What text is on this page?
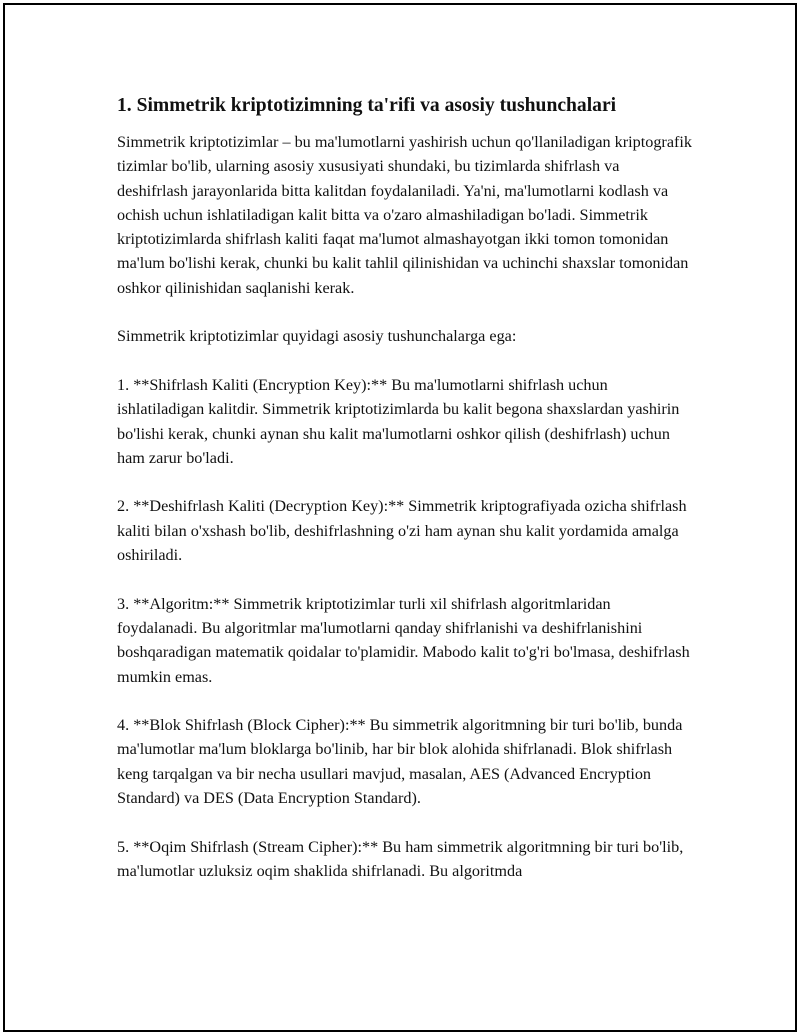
1. Simmetrik kriptotizimning ta'rifi va asosiy tushunchalari

Simmetrik kriptotizimlar – bu ma'lumotlarni yashirish uchun qo'llaniladigan kriptografik tizimlar bo'lib, ularning asosiy xususiyati shundaki, bu tizimlarda shifrlash va deshifrlash jarayonlarida bitta kalitdan foydalaniladi. Ya'ni, ma'lumotlarni kodlash va ochish uchun ishlatiladigan kalit bitta va o'zaro almashiladigan bo'ladi. Simmetrik kriptotizimlarda shifrlash kaliti faqat ma'lumot almashayotgan ikki tomon tomonidan ma'lum bo'lishi kerak, chunki bu kalit tahlil qilinishidan va uchinchi shaxslar tomonidan oshkor qilinishidan saqlanishi kerak.

Simmetrik kriptotizimlar quyidagi asosiy tushunchalarga ega:

1. **Shifrlash Kaliti (Encryption Key):** Bu ma'lumotlarni shifrlash uchun ishlatiladigan kalitdir. Simmetrik kriptotizimlarda bu kalit begona shaxslardan yashirin bo'lishi kerak, chunki aynan shu kalit ma'lumotlarni oshkor qilish (deshifrlash) uchun ham zarur bo'ladi.

2. **Deshifrlash Kaliti (Decryption Key):** Simmetrik kriptografiyada ozicha shifrlash kaliti bilan o'xshash bo'lib, deshifrlashning o'zi ham aynan shu kalit yordamida amalga oshiriladi.

3. **Algoritm:** Simmetrik kriptotizimlar turli xil shifrlash algoritmlaridan foydalanadi. Bu algoritmlar ma'lumotlarni qanday shifrlanishi va deshifrlanishini boshqaradigan matematik qoidalar to'plamidir. Mabodo kalit to'g'ri bo'lmasa, deshifrlash mumkin emas.

4. **Blok Shifrlash (Block Cipher):** Bu simmetrik algoritmning bir turi bo'lib, bunda ma'lumotlar ma'lum bloklarga bo'linib, har bir blok alohida shifrlanadi. Blok shifrlash keng tarqalgan va bir necha usullari mavjud, masalan, AES (Advanced Encryption Standard) va DES (Data Encryption Standard).

5. **Oqim Shifrlash (Stream Cipher):** Bu ham simmetrik algoritmning bir turi bo'lib, ma'lumotlar uzluksiz oqim shaklida shifrlanadi. Bu algoritmda
